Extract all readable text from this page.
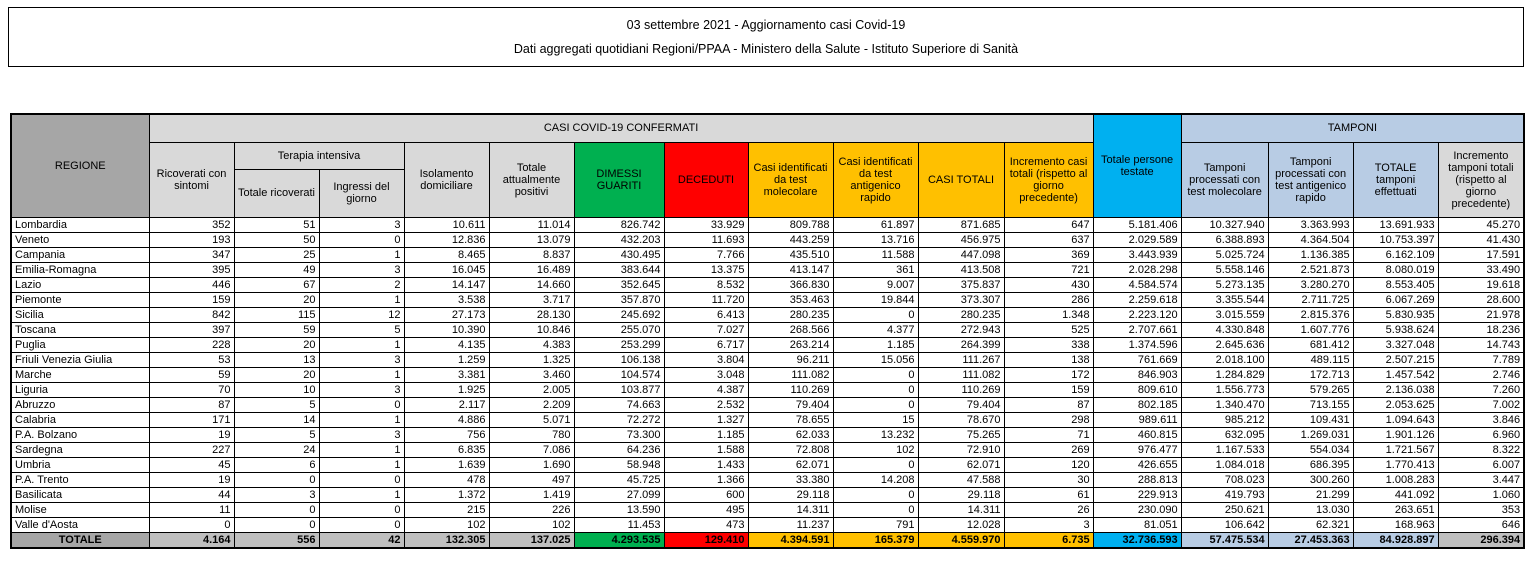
03 settembre 2021 - Aggiornamento casi Covid-19
Dati aggregati quotidiani Regioni/PPAA - Ministero della Salute - Istituto Superiore di Sanità
REGIONE	CASI COVID-19 CONFERMATI											Totale persone testate	TAMPONI			
	Ricoverati con sintomi	Terapia intensiva		Isolamento domiciliare	Totale attualmente positivi	DIMESSI GUARITI	DECEDUTI	Casi identificati da test molecolare	Casi identificati da test antigenico rapido	CASI TOTALI	Incremento casi totali (rispetto al giorno precedente)		Tamponi processati con test molecolare	Tamponi processati con test antigenico rapido	TOTALE tamponi effettuati	Incremento tamponi totali (rispetto al giorno precedente)
		Totale ricoverati	Ingressi del giorno													
Lombardia	352	51	3	10.611	11.014	826.742	33.929	809.788	61.897	871.685	647	5.181.406	10.327.940	3.363.993	13.691.933	45.270
Veneto	193	50	0	12.836	13.079	432.203	11.693	443.259	13.716	456.975	637	2.029.589	6.388.893	4.364.504	10.753.397	41.430
Campania	347	25	1	8.465	8.837	430.495	7.766	435.510	11.588	447.098	369	3.443.939	5.025.724	1.136.385	6.162.109	17.591
Emilia-Romagna	395	49	3	16.045	16.489	383.644	13.375	413.147	361	413.508	721	2.028.298	5.558.146	2.521.873	8.080.019	33.490
Lazio	446	67	2	14.147	14.660	352.645	8.532	366.830	9.007	375.837	430	4.584.574	5.273.135	3.280.270	8.553.405	19.618
Piemonte	159	20	1	3.538	3.717	357.870	11.720	353.463	19.844	373.307	286	2.259.618	3.355.544	2.711.725	6.067.269	28.600
Sicilia	842	115	12	27.173	28.130	245.692	6.413	280.235	0	280.235	1.348	2.223.120	3.015.559	2.815.376	5.830.935	21.978
Toscana	397	59	5	10.390	10.846	255.070	7.027	268.566	4.377	272.943	525	2.707.661	4.330.848	1.607.776	5.938.624	18.236
Puglia	228	20	1	4.135	4.383	253.299	6.717	263.214	1.185	264.399	338	1.374.596	2.645.636	681.412	3.327.048	14.743
Friuli Venezia Giulia	53	13	3	1.259	1.325	106.138	3.804	96.211	15.056	111.267	138	761.669	2.018.100	489.115	2.507.215	7.789
Marche	59	20	1	3.381	3.460	104.574	3.048	111.082	0	111.082	172	846.903	1.284.829	172.713	1.457.542	2.746
Liguria	70	10	3	1.925	2.005	103.877	4.387	110.269	0	110.269	159	809.610	1.556.773	579.265	2.136.038	7.260
Abruzzo	87	5	0	2.117	2.209	74.663	2.532	79.404	0	79.404	87	802.185	1.340.470	713.155	2.053.625	7.002
Calabria	171	14	1	4.886	5.071	72.272	1.327	78.655	15	78.670	298	989.611	985.212	109.431	1.094.643	3.846
P.A. Bolzano	19	5	3	756	780	73.300	1.185	62.033	13.232	75.265	71	460.815	632.095	1.269.031	1.901.126	6.960
Sardegna	227	24	1	6.835	7.086	64.236	1.588	72.808	102	72.910	269	976.477	1.167.533	554.034	1.721.567	8.322
Umbria	45	6	1	1.639	1.690	58.948	1.433	62.071	0	62.071	120	426.655	1.084.018	686.395	1.770.413	6.007
P.A. Trento	19	0	0	478	497	45.725	1.366	33.380	14.208	47.588	30	288.813	708.023	300.260	1.008.283	3.447
Basilicata	44	3	1	1.372	1.419	27.099	600	29.118	0	29.118	61	229.913	419.793	21.299	441.092	1.060
Molise	11	0	0	215	226	13.590	495	14.311	0	14.311	26	230.090	250.621	13.030	263.651	353
Valle d'Aosta	0	0	0	102	102	11.453	473	11.237	791	12.028	3	81.051	106.642	62.321	168.963	646
TOTALE	4.164	556	42	132.305	137.025	4.293.535	129.410	4.394.591	165.379	4.559.970	6.735	32.736.593	57.475.534	27.453.363	84.928.897	296.394
